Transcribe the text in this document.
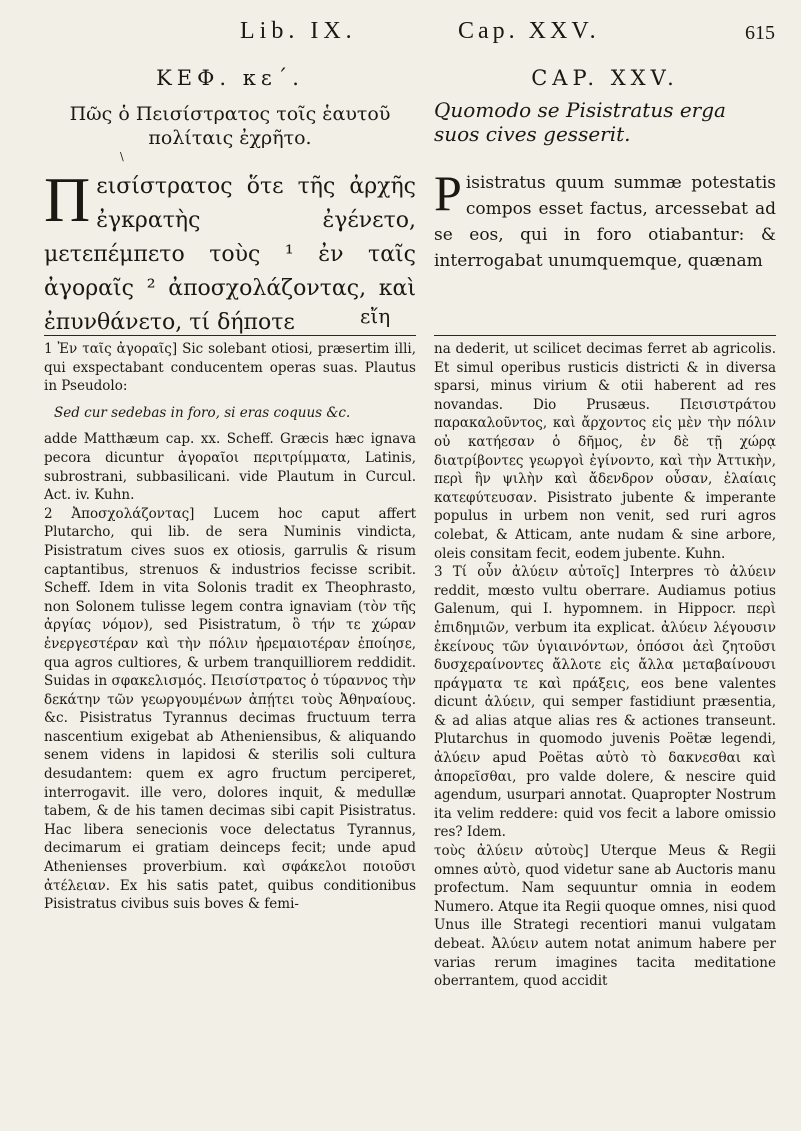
Lib. IX.	Cap. XXV.	615
ΚΕΦ. κε΄.	CAP. XXV.
Πῶς ὁ Πεισίστρατος τοῖς ἑαυτοῦ πολίταις ἐχρῆτο.
Quomodo se Pisistratus erga suos cives gesserit.
\
Πεισίστρατος ὅτε τῆς ἀρχῆς ἐγκρατὴς ἐγένετο, μετεπέμπετο τοὺς ¹ ἐν ταῖς ἀγοραῖς ² ἀποσχολάζοντας, καὶ ἐπυνθάνετο, τί δήποτε	εἴη
Pisistratus quum summæ potestatis compos esset factus, arcessebat ad se eos, qui in foro otiabantur: & interrogabat unumquemque, quænam

1 Ἐν ταῖς ἀγοραῖς] Sic solebant otiosi, præsertim illi, qui exspectabant conducentem operas suas. Plautus in Pseudolo:

Sed cur sedebas in foro, si eras coquus &c.

adde Matthæum cap. xx. Scheff. Græcis hæc ignava pecora dicuntur ἀγοραῖοι περιτρίμματα, Latinis, subrostrani, subbasilicani. vide Plautum in Curcul. Act. iv. Kuhn.

2 Ἀποσχολάζοντας] Lucem hoc caput affert Plutarcho, qui lib. de sera Numinis vindicta, Pisistratum cives suos ex otiosis, garrulis & risum captantibus, strenuos & industrios fecisse scribit. Scheff. Idem in vita Solonis tradit ex Theophrasto, non Solonem tulisse legem contra ignaviam (τὸν τῆς ἀργίας νόμον), sed Pisistratum, ὃ τήν τε χώραν ἐνεργεστέραν καὶ τὴν πόλιν ἠρεμαιοτέραν ἐποίησε, qua agros cultiores, & urbem tranquilliorem reddidit. Suidas in σφακελισμός. Πεισίστρατος ὁ τύραννος τὴν δεκάτην τῶν γεωργουμένων ἀπῄτει τοὺς Ἀθηναίους. &c. Pisistratus Tyrannus decimas fructuum terra nascentium exigebat ab Atheniensibus, & aliquando senem videns in lapidosi & sterilis soli cultura desudantem: quem ex agro fructum perciperet, interrogavit. ille vero, dolores inquit, & medullæ tabem, & de his tamen decimas sibi capit Pisistratus. Hac libera senecionis voce delectatus Tyrannus, decimarum ei gratiam deinceps fecit; unde apud Athenienses proverbium. καὶ σφάκελοι ποιοῦσι ἀτέλειαν. Ex his satis patet, quibus conditionibus Pisistratus civibus suis boves & femi-

na dederit, ut scilicet decimas ferret ab agricolis. Et simul operibus rusticis districti & in diversa sparsi, minus virium & otii haberent ad res novandas. Dio Prusæus. Πεισιστράτου παρακαλοῦντος, καὶ ἄρχοντος εἰς μὲν τὴν πόλιν οὐ κατήεσαν ὁ δῆμος, ἐν δὲ τῇ χώρᾳ διατρίβοντες γεωργοὶ ἐγίνοντο, καὶ τὴν Ἀττικὴν, περὶ ἣν ψιλὴν καὶ ἄδενδρον οὖσαν, ἐλαίαις κατεφύτευσαν. Pisistrato jubente & imperante populus in urbem non venit, sed ruri agros colebat, & Atticam, ante nudam & sine arbore, oleis consitam fecit, eodem jubente. Kuhn.

3 Τί οὖν ἀλύειν αὐτοῖς] Interpres τὸ ἀλύειν reddit, mœsto vultu oberrare. Audiamus potius Galenum, qui I. hypomnem. in Hippocr. περὶ ἐπιδημιῶν, verbum ita explicat. ἀλύειν λέγουσιν ἐκείνους τῶν ὑγιαινόντων, ὁπόσοι ἀεὶ ζητοῦσι δυσχεραίνοντες ἄλλοτε εἰς ἄλλα μεταβαίνουσι πράγματα τε καὶ πράξεις, eos bene valentes dicunt ἀλύειν, qui semper fastidiunt præsentia, & ad alias atque alias res & actiones transeunt. Plutarchus in quomodo juvenis Poëtæ legendi, ἀλύειν apud Poëtas αὐτὸ τὸ δακνεσθαι καὶ ἀπορεῖσθαι, pro valde dolere, & nescire quid agendum, usurpari annotat. Quapropter Nostrum ita velim reddere: quid vos fecit a labore omissio res? Idem.

τοὺς ἀλύειν αὐτοὺς] Uterque Meus & Regii omnes αὐτὸ, quod videtur sane ab Auctoris manu profectum. Nam sequuntur omnia in eodem Numero. Atque ita Regii quoque omnes, nisi quod Unus ille Strategi recentiori manui vulgatam debeat. Ἀλύειν autem notat animum habere per varias rerum imagines tacita meditatione oberrantem, quod accidit
